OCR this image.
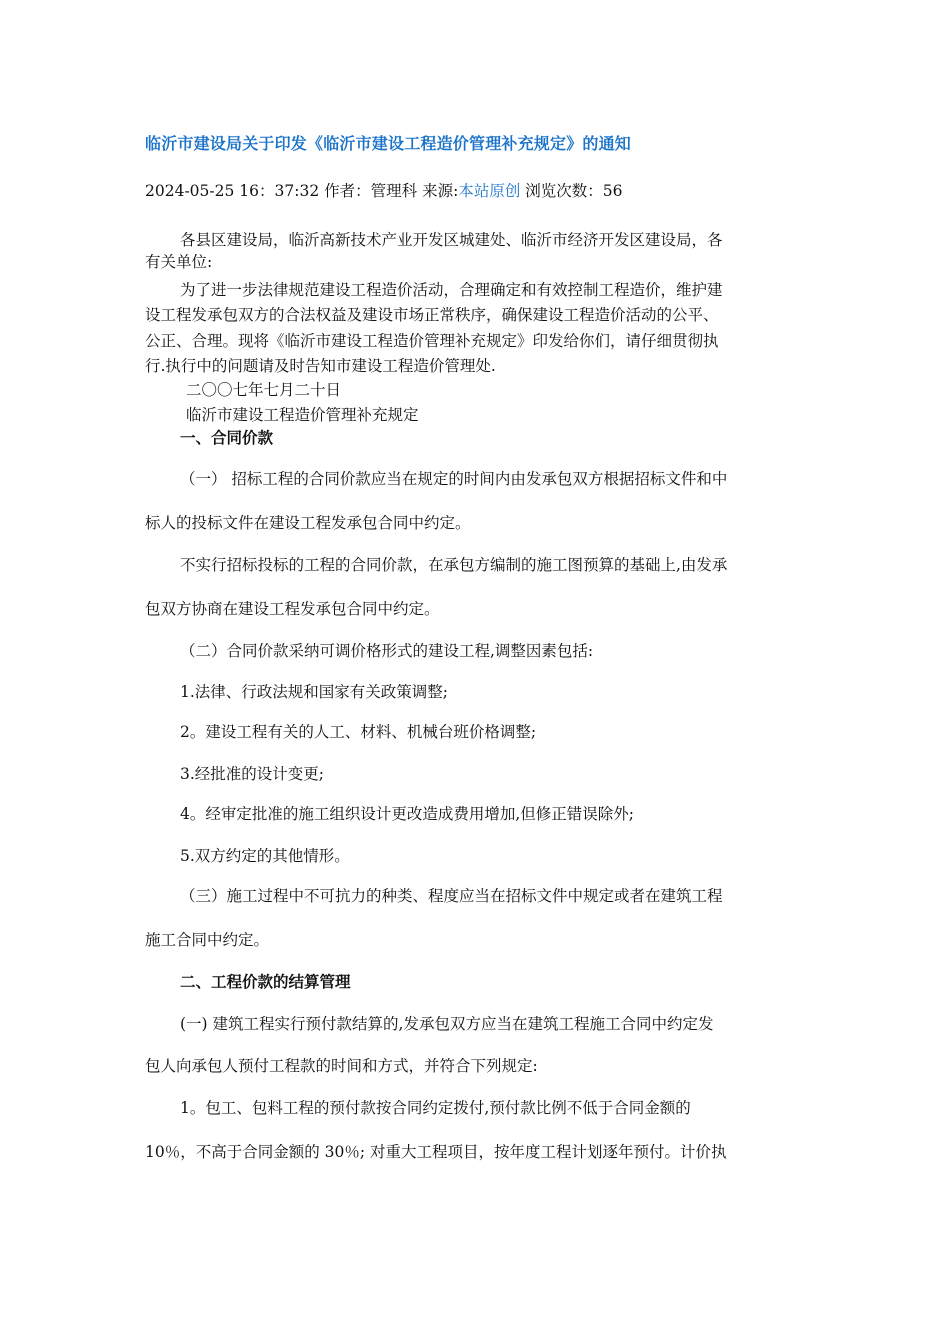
临沂市建设局关于印发《临沂市建设工程造价管理补充规定》的通知
2024-05-25 16：37:32 作者：管理科 来源:本站原创 浏览次数：56
各县区建设局，临沂高新技术产业开发区城建处、临沂市经济开发区建设局，各
有关单位:
为了进一步法律规范建设工程造价活动，合理确定和有效控制工程造价，维护建
设工程发承包双方的合法权益及建设市场正常秩序，确保建设工程造价活动的公平、
公正、合理。现将《临沂市建设工程造价管理补充规定》印发给你们，请仔细贯彻执
行.执行中的问题请及时告知市建设工程造价管理处.
二〇〇七年七月二十日
临沂市建设工程造价管理补充规定
一、合同价款
（一） 招标工程的合同价款应当在规定的时间内由发承包双方根据招标文件和中
标人的投标文件在建设工程发承包合同中约定。
不实行招标投标的工程的合同价款，在承包方编制的施工图预算的基础上,由发承
包双方协商在建设工程发承包合同中约定。
（二）合同价款采纳可调价格形式的建设工程,调整因素包括:
1.法律、行政法规和国家有关政策调整;
2。建设工程有关的人工、材料、机械台班价格调整;
3.经批准的设计变更;
4。经审定批准的施工组织设计更改造成费用增加,但修正错误除外;
5.双方约定的其他情形。
（三）施工过程中不可抗力的种类、程度应当在招标文件中规定或者在建筑工程
施工合同中约定。
二、工程价款的结算管理
(一) 建筑工程实行预付款结算的,发承包双方应当在建筑工程施工合同中约定发
包人向承包人预付工程款的时间和方式，并符合下列规定:
1。包工、包料工程的预付款按合同约定拨付,预付款比例不低于合同金额的
10％，不高于合同金额的 30％; 对重大工程项目，按年度工程计划逐年预付。计价执
